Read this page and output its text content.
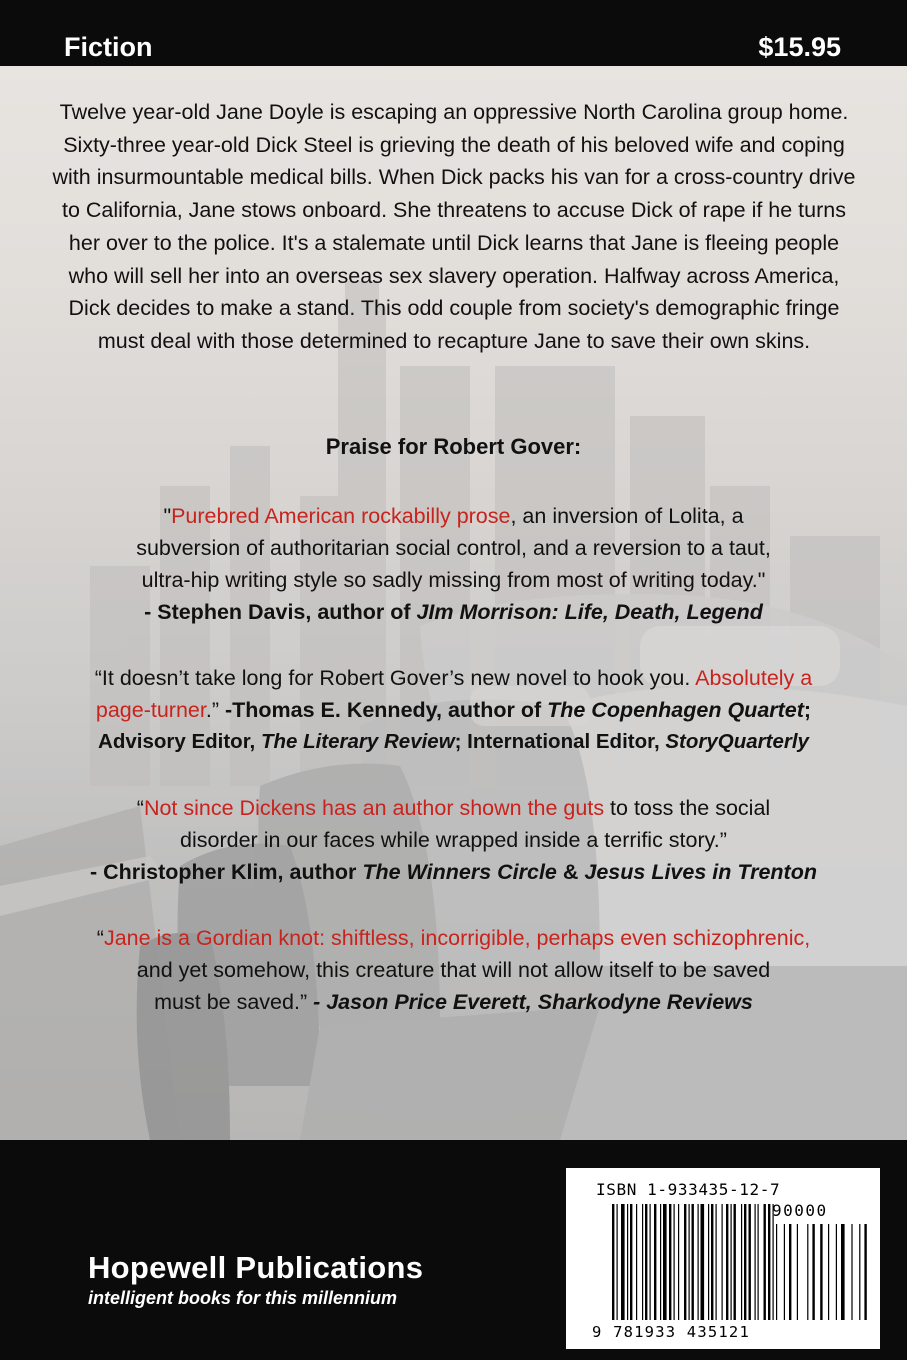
Fiction	$15.95

Twelve year-old Jane Doyle is escaping an oppressive North Carolina group home.
Sixty-three year-old Dick Steel is grieving the death of his beloved wife and coping
with insurmountable medical bills. When Dick packs his van for a cross-country drive
to California, Jane stows onboard. She threatens to accuse Dick of rape if he turns
her over to the police. It's a stalemate until Dick learns that Jane is fleeing people
who will sell her into an overseas sex slavery operation. Halfway across America,
Dick decides to make a stand. This odd couple from society's demographic fringe
must deal with those determined to recapture Jane to save their own skins.

Praise for Robert Gover:
"Purebred American rockabilly prose, an inversion of Lolita, a
subversion of authoritarian social control, and a reversion to a taut,
ultra-hip writing style so sadly missing from most of writing today."
- Stephen Davis, author of JIm Morrison: Life, Death, Legend
“It doesn’t take long for Robert Gover’s new novel to hook you. Absolutely a
page-turner.” -Thomas E. Kennedy, author of The Copenhagen Quartet;
Advisory Editor, The Literary Review; International Editor, StoryQuarterly
“Not since Dickens has an author shown the guts to toss the social
disorder in our faces while wrapped inside a terrific story.”
- Christopher Klim, author The Winners Circle & Jesus Lives in Trenton
“Jane is a Gordian knot: shiftless, incorrigible, perhaps even schizophrenic,
and yet somehow, this creature that will not allow itself to be saved
must be saved.” - Jason Price Everett, Sharkodyne Reviews
Hopewell Publications
intelligent books for this millennium
ISBN 1-933435-12-7
90000
9 781933 435121
